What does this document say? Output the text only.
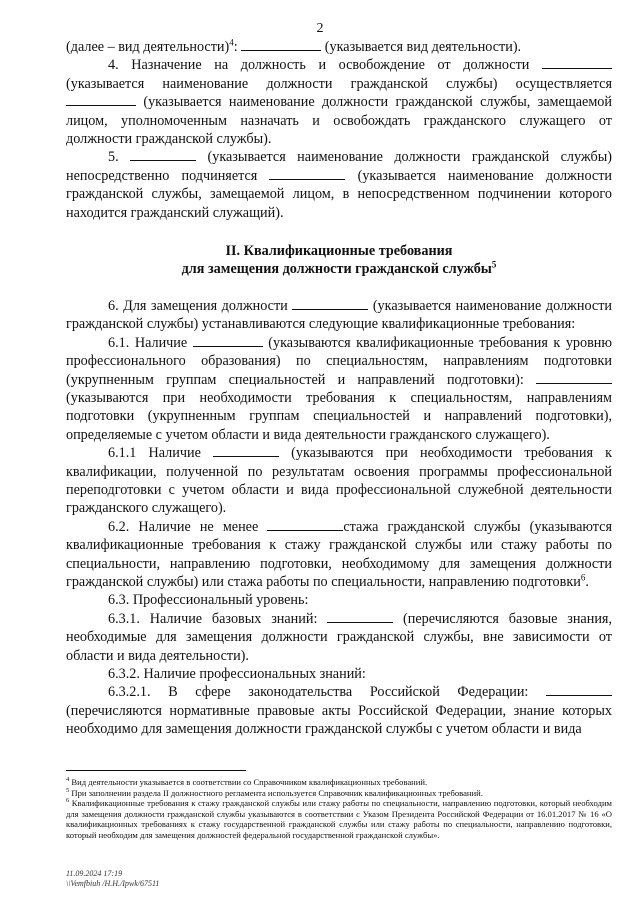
2

(далее – вид деятельности)$^4$:	(указывается вид деятельности).

4. Назначение на должность и освобождение от должности  (указывается наименование должности гражданской службы) осуществляется  (указывается наименование должности гражданской службы, замещаемой лицом, уполномоченным назначать и освобождать гражданского служащего от должности гражданской службы).

5.	(указывается наименование должности гражданской службы) непосредственно подчиняется	(указывается наименование должности гражданской службы, замещаемой лицом, в непосредственном подчинении которого находится гражданский служащий).

II. Квалификационные требования
для замещения должности гражданской службы$^5$

6. Для замещения должности	(указывается наименование должности гражданской службы) устанавливаются следующие квалификационные требования:

6.1. Наличие	(указываются квалификационные требования к уровню профессионального образования) по специальностям, направлениям подготовки (укрупненным группам специальностей и направлений подготовки):  (указываются при необходимости требования к специальностям, направлениям подготовки (укрупненным группам специальностей и направлений подготовки), определяемые с учетом области и вида деятельности гражданского служащего).

6.1.1 Наличие	(указываются при необходимости требования к квалификации, полученной по результатам освоения программы профессиональной переподготовки с учетом области и вида профессиональной служебной деятельности гражданского служащего).

6.2. Наличие не менее	стажа гражданской службы (указываются квалификационные требования к стажу гражданской службы или стажу работы по специальности, направлению подготовки, необходимому для замещения должности гражданской службы) или стажа работы по специальности, направлению подготовки$^6$.

6.3. Профессиональный уровень:

6.3.1. Наличие базовых знаний:	(перечисляются базовые знания, необходимые для замещения должности гражданской службы, вне зависимости от области и вида деятельности).

6.3.2. Наличие профессиональных знаний:

6.3.2.1. В сфере законодательства Российской Федерации:  (перечисляются нормативные правовые акты Российской Федерации, знание которых необходимо для замещения должности гражданской службы с учетом области и вида

$^4$ Вид деятельности указывается в соответствии со Справочником квалификационных требований.

$^5$ При заполнении раздела II должностного регламента используется Справочник квалификационных требований.

$^6$ Квалификационные требования к стажу гражданской службы или стажу работы по специальности, направлению подготовки, который необходим для замещения должности гражданской службы указываются в соответствии с Указом Президента Российской Федерации от 16.01.2017 № 16 «О квалификационных требованиях к стажу государственной гражданской службы или стажу работы по специальности, направлению подготовки, который необходим для замещения должностей федеральной государственной гражданской службы».

11.09.2024 17:19
\\Vemfbiuh /H.H./Ipwk/67511
